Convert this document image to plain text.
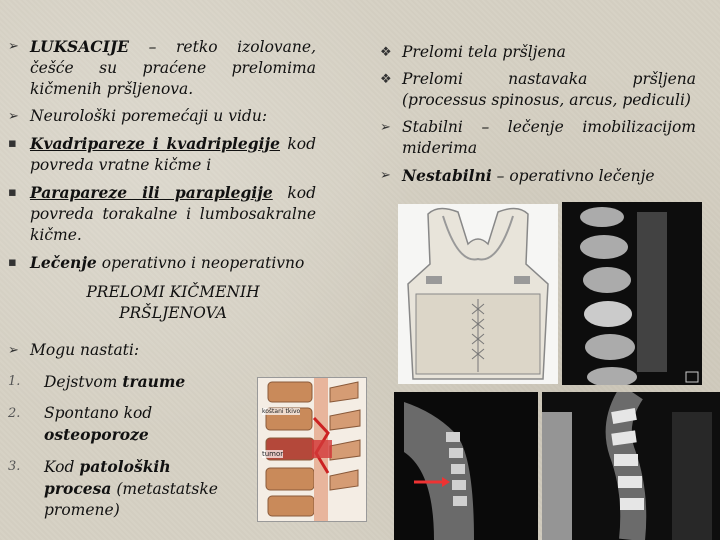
➢ LUKSACIJE – retko izolovane, češće su praćene prelomima kičmenih pršljenova.
➢ Neurološki poremećaji u vidu:
▪ Kvadripareze i kvadriplegije kod povreda vratne kičme i
▪ Parapareze ili paraplegije kod povreda torakalne i lumbosakralne kičme.
▪ Lečenje operativno i neoperativno
PRELOMI KIČMENIH
PRŠLJENOVA
➢ Mogu nastati:
1.	Dejstvom traume
2.	Spontano kod osteoporoze
3.	Kod patoloških procesa (metastatske promene)
❖ Prelomi tela pršljena
❖ Prelomi nastavaka pršljena (processus spinosus, arcus, pediculi)
➢ Stabilni – lečenje imobilizacijom miderima
➢ Nestabilni – operativno lečenje
koštani tkivo
tumor
